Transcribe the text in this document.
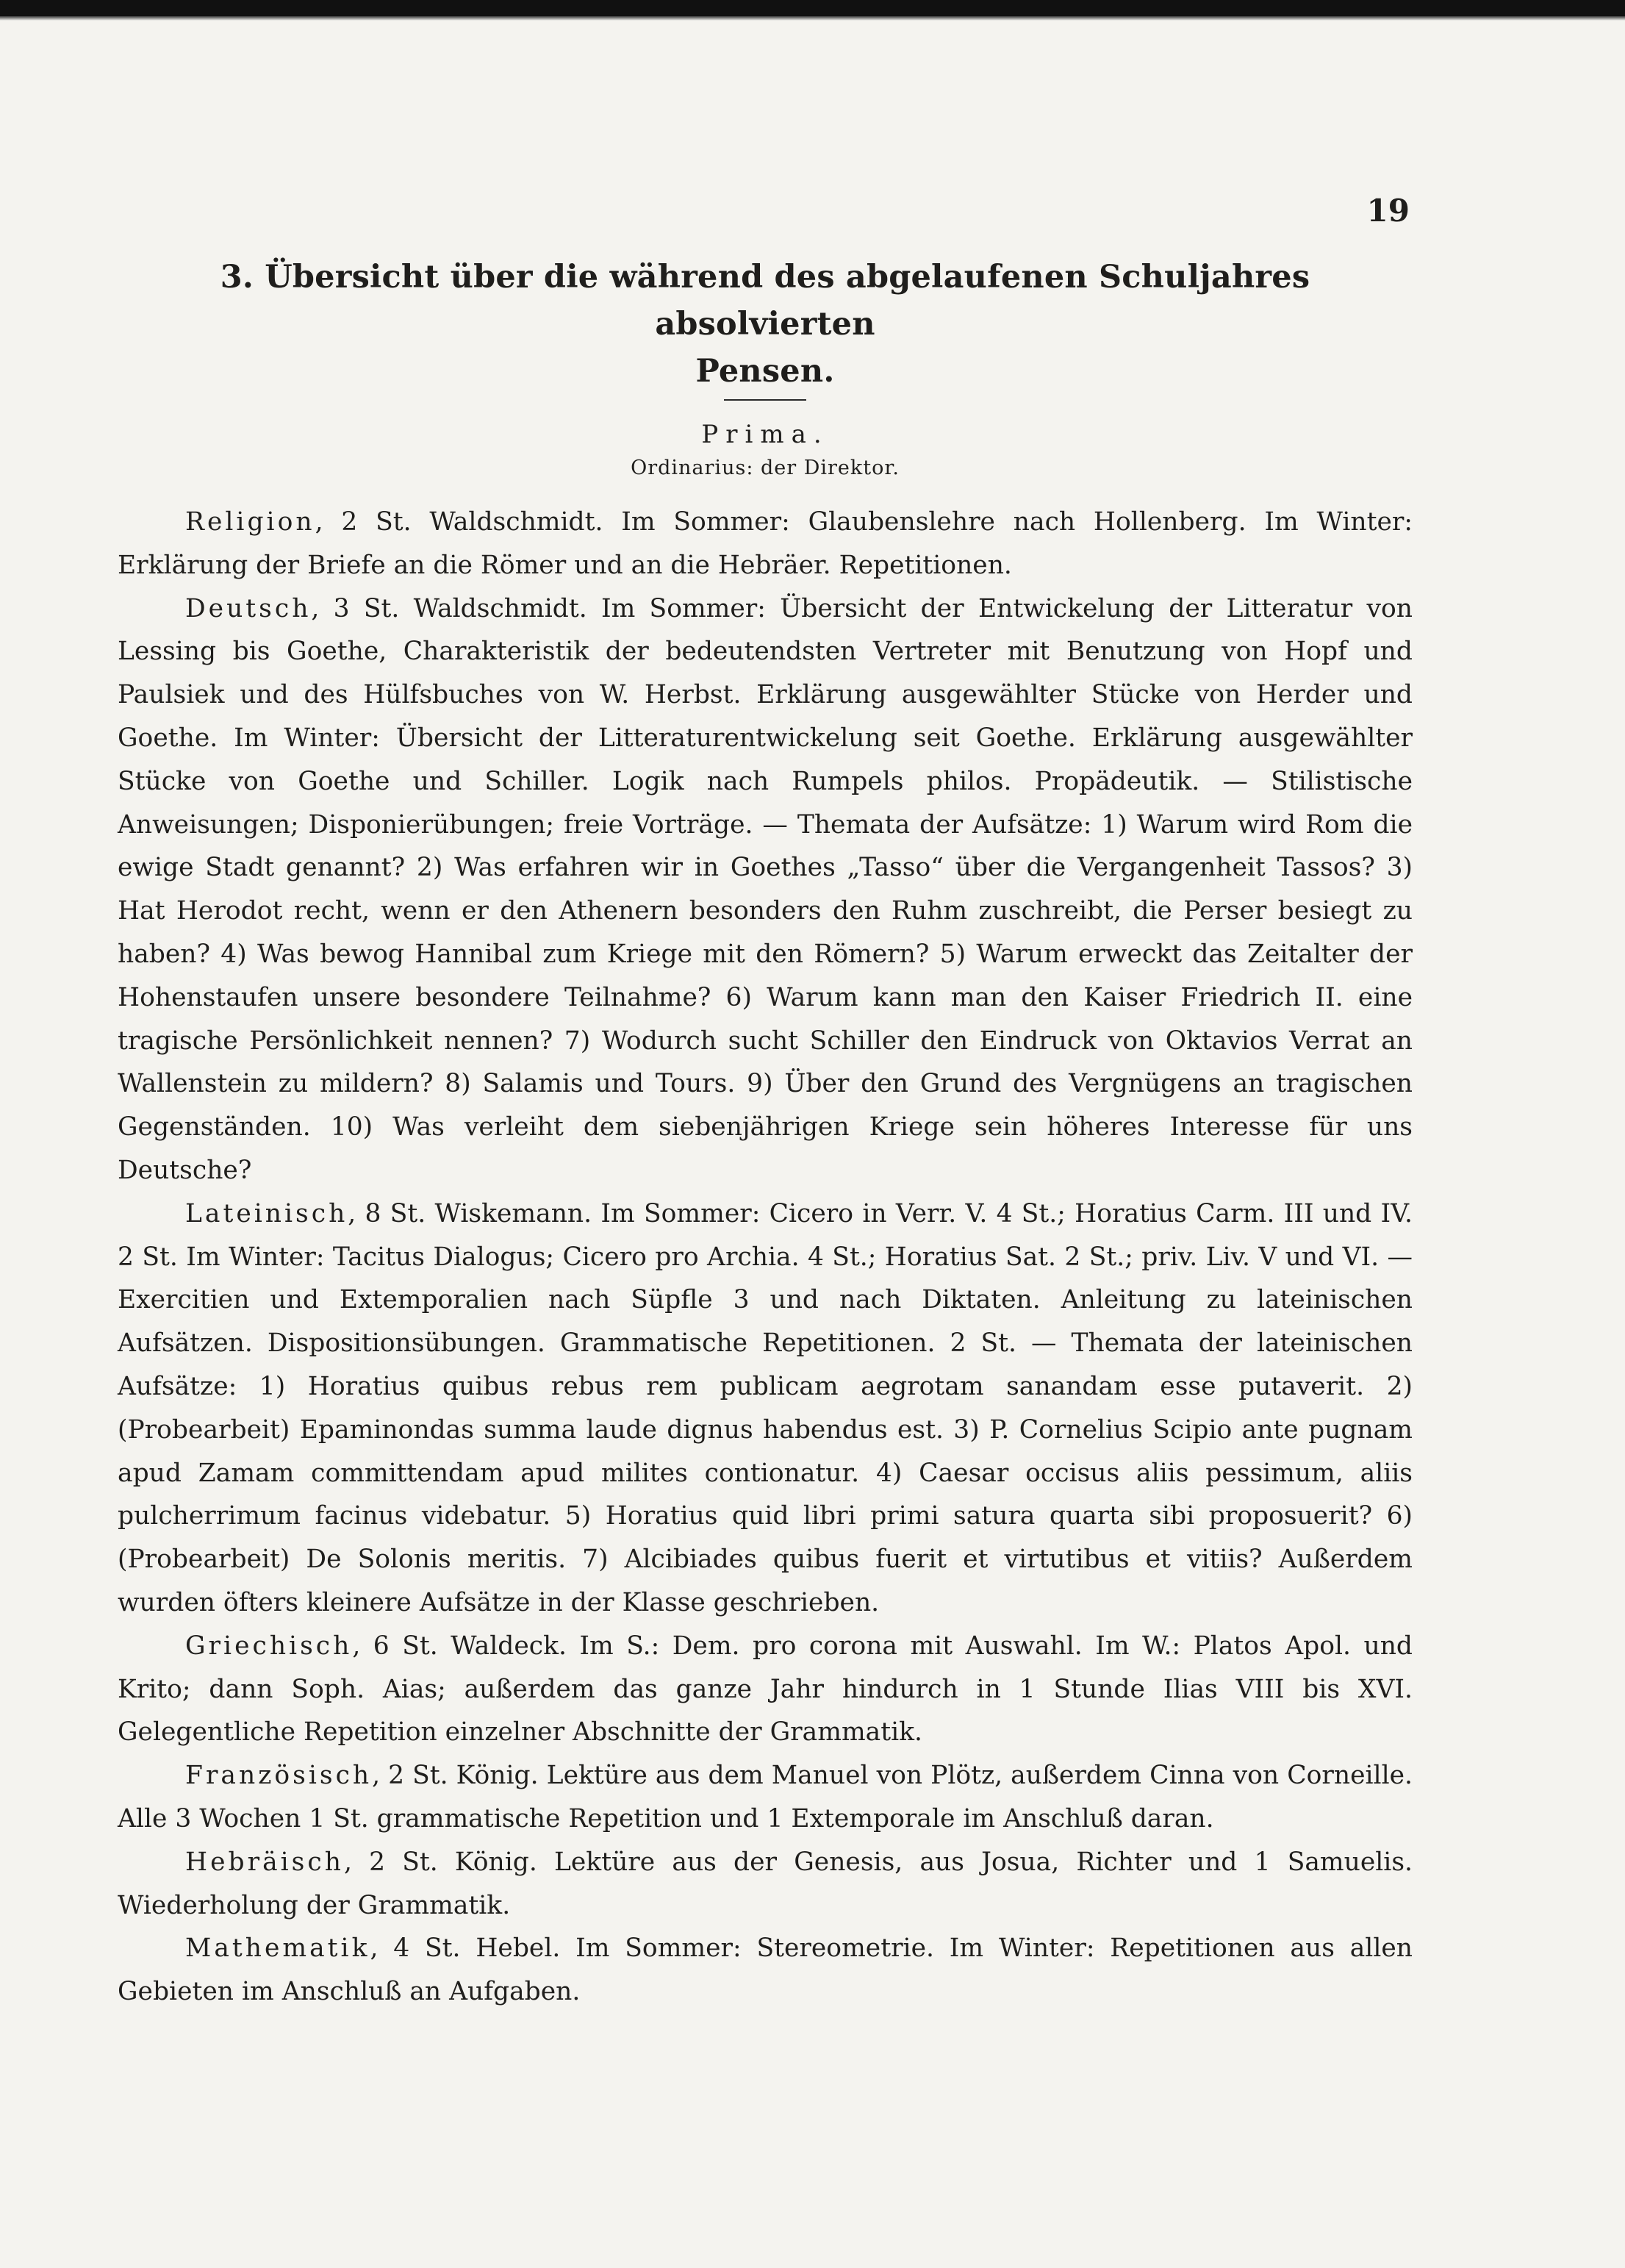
19
3. Übersicht über die während des abgelaufenen Schuljahres absolvierten
Pensen.
Prima.
Ordinarius: der Direktor.

Religion, 2 St. Waldschmidt. Im Sommer: Glaubenslehre nach Hollenberg. Im Winter: Erklärung der Briefe an die Römer und an die Hebräer. Repetitionen.

Deutsch, 3 St. Waldschmidt. Im Sommer: Übersicht der Entwickelung der Litteratur von Lessing bis Goethe, Charakteristik der bedeutendsten Vertreter mit Benutzung von Hopf und Paulsiek und des Hülfsbuches von W. Herbst. Erklärung ausgewählter Stücke von Herder und Goethe. Im Winter: Übersicht der Litteraturentwickelung seit Goethe. Erklärung ausgewählter Stücke von Goethe und Schiller. Logik nach Rumpels philos. Propädeutik. — Stilistische Anweisungen; Disponierübungen; freie Vorträge. — Themata der Aufsätze: 1) Warum wird Rom die ewige Stadt genannt? 2) Was erfahren wir in Goethes „Tasso“ über die Vergangenheit Tassos? 3) Hat Herodot recht, wenn er den Athenern besonders den Ruhm zuschreibt, die Perser besiegt zu haben? 4) Was bewog Hannibal zum Kriege mit den Römern? 5) Warum erweckt das Zeitalter der Hohenstaufen unsere besondere Teilnahme? 6) Warum kann man den Kaiser Friedrich II. eine tragische Persönlichkeit nennen? 7) Wodurch sucht Schiller den Eindruck von Oktavios Verrat an Wallenstein zu mildern? 8) Salamis und Tours. 9) Über den Grund des Vergnügens an tragischen Gegenständen. 10) Was verleiht dem siebenjährigen Kriege sein höheres Interesse für uns Deutsche?

Lateinisch, 8 St. Wiskemann. Im Sommer: Cicero in Verr. V. 4 St.; Horatius Carm. III und IV. 2 St. Im Winter: Tacitus Dialogus; Cicero pro Archia. 4 St.; Horatius Sat. 2 St.; priv. Liv. V und VI. — Exercitien und Extemporalien nach Süpfle 3 und nach Diktaten. Anleitung zu lateinischen Aufsätzen. Dispositionsübungen. Grammatische Repetitionen. 2 St. — Themata der lateinischen Aufsätze: 1) Horatius quibus rebus rem publicam aegrotam sanandam esse putaverit. 2) (Probearbeit) Epaminondas summa laude dignus habendus est. 3) P. Cornelius Scipio ante pugnam apud Zamam committendam apud milites contionatur. 4) Caesar occisus aliis pessimum, aliis pulcherrimum facinus videbatur. 5) Horatius quid libri primi satura quarta sibi proposuerit? 6) (Probearbeit) De Solonis meritis. 7) Alcibiades quibus fuerit et virtutibus et vitiis? Außerdem wurden öfters kleinere Aufsätze in der Klasse geschrieben.

Griechisch, 6 St. Waldeck. Im S.: Dem. pro corona mit Auswahl. Im W.: Platos Apol. und Krito; dann Soph. Aias; außerdem das ganze Jahr hindurch in 1 Stunde Ilias VIII bis XVI. Gelegentliche Repetition einzelner Abschnitte der Grammatik.

Französisch, 2 St. König. Lektüre aus dem Manuel von Plötz, außerdem Cinna von Corneille. Alle 3 Wochen 1 St. grammatische Repetition und 1 Extemporale im Anschluß daran.

Hebräisch, 2 St. König. Lektüre aus der Genesis, aus Josua, Richter und 1 Samuelis. Wiederholung der Grammatik.

Mathematik, 4 St. Hebel. Im Sommer: Stereometrie. Im Winter: Repetitionen aus allen Gebieten im Anschluß an Aufgaben.
